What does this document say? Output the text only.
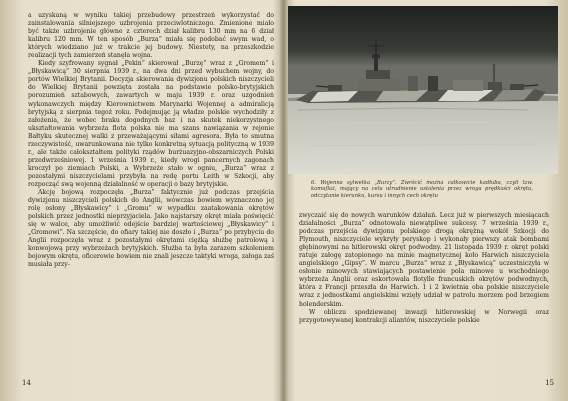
a uzyskaną w wyniku takiej przebudowy przestrzeń wykorzystać do zainstalowania silniejszego uzbrojenia przeciwlotniczego. Zmienione miało być także uzbrojenie główne z czterech dział kalibru 130 mm na 6 dział kalibru 120 mm. W ten sposób „Burza” miała się podobać swym wad, o których wiedziano już w trakcie jej budowy. Niestety, na przeszkodzie realizacji tych zamierzeń stanęła wojna.

Kiedy szyfrowany sygnał „Pekin” skierował „Burzę” wraz z „Gromem” i „Błyskawicą” 30 sierpnia 1939 r., na dwa dni przed wybuchem wojny, do portów Wielkiej Brytanii. Decyzja skierowania dywizjonu polskich niszczycieli do Wielkiej Brytanii powzięta została na podstawie polsko-brytyjskich porozumień sztabowych, zawartych w maju 1939 r. oraz uzgodnień wykonawczych między Kierownictwem Marynarki Wojennej a admiralicją brytyjską z sierpnia tegoż roku. Podejmując ją władze polskie wychodziły z założenia, że wobec braku dogodnych baz i na skutek niekorzystnego ukształtowania wybrzeża flota polska nie ma szans nawiązania w rejonie Bałtyku skutecznej walki z przeważającymi siłami agresora. Była to smutna rzeczywistość, uwarunkowana nie tylko konkretną sytuacją polityczną w 1939 r., ale także całokształtem polityki rządów burżuazyjno-obszarniczych Polski przedwrześniowej. 1 września 1939 r., kiedy wrogi pancernych zagonach kroczył po ziemiach Polski, a Wybrzeże stało w ogniu, „Burza” wraz z pozostałymi niszczycielami przybyła na redę portu Leith w Szkocji, aby rozpocząć swą wojenną działalność w operacji o bazy brytyjskie.

Akcję bojową rozpoczęła „Burza” faktycznie już podczas przejścia dywizjonu niszczycieli polskich do Anglii, wówczas bowiem wyznaczono jej rolę osłony „Błyskawicy” i „Gromu” w wypadku zaatakowania okrętów polskich przez jednostki nieprzyjaciela. Jako najstarszy okręt miała poświęcić się w walce, aby umożliwić odejście bardziej wartościowej „Błyskawicy” i „Gromowi”. Na szczęście, do ofiary takiej nie doszło i „Burza” po przybyciu do Anglii rozpoczęła wraz z pozostałymi okrętami ciężką służbę patrolową i konwojową przy wybrzeżach brytyjskich. Służba ta była zarazem szkoleniem bojowym okrętu, oficerowie bowiem nie znali jeszcze taktyki wroga, załoga zaś musiała przy-

14
6. Wojenna sylwetka „Burzy”. Zwrócić można całkowicie kadłuba, czyli tzw. kamuflaż, mający na celu utrudnienie ustalenia przez wroga prędkości okrętu, odczytanie kierunku, kursu i innych cech okrętu

zwyczaić się do nowych warunków działań. Lecz już w pierwszych miesiącach działalności „Burza” odnotowała niewątpliwe sukcesy. 7 września 1939 r., podczas przejścia dywizjonu polskiego drogą okrężną wokół Szkocji do Plymouth, niszczyciele wykryły peryskop i wykonały pierwszy atak bombami głębinowymi na hitlerowski okręt podwodny. 21 listopada 1939 r. okręt polski ratuje załogę zatopionego na minie magnetycznej koło Harwich niszczyciela angielskiego „Gipsy”. W marcu „Burza” wraz z „Błyskawicą” uczestniczyła w osłonie minowych stawiających postawienie pola minowe u wschodniego wybrzeża Anglii oraz eskortowała flotylle francuskich okrętów podwodnych, która z Francji przeszła do Harwich. 1 i 2 kwietnia oba polskie niszczyciele wraz z jednostkami angielskimi wzięły udział w patrolu morzem pod brzegiem holenderskim.

W obliczu spodziewanej inwazji hitlerowskiej w Norwegii oraz przygotowywanej kontrakcji aliantów, niszczyciele polskie

15
